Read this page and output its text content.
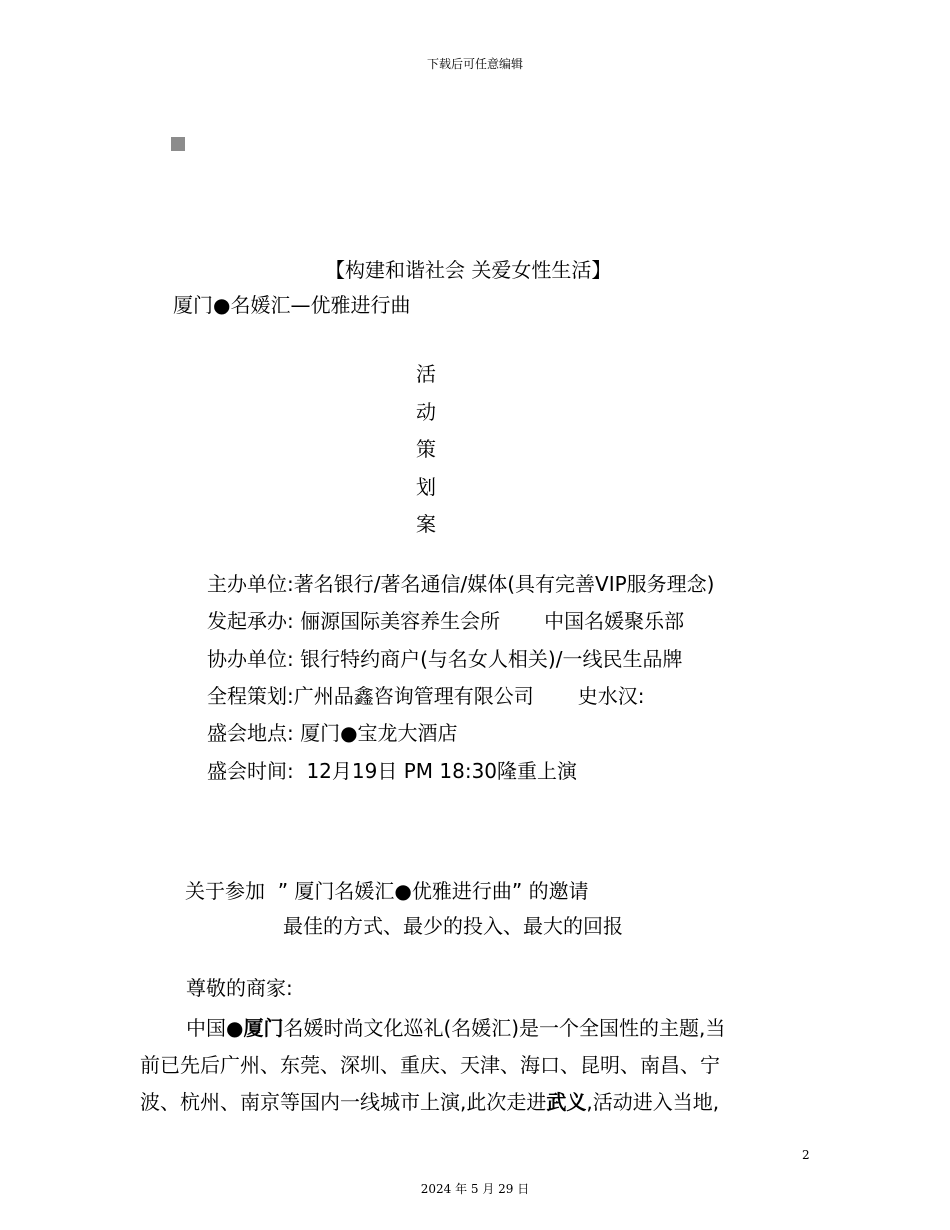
下载后可任意编辑
【构建和谐社会 关爱女性生活】
厦门●名媛汇—优雅进行曲
活动策划案
主办单位:著名银行/著名通信/媒体(具有完善VIP服务理念)
发起承办: 俪源国际美容养生会所 中国名媛聚乐部
协办单位: 银行特约商户(与名女人相关)/一线民生品牌
全程策划:广州品鑫咨询管理有限公司 史水汉:
盛会地点: 厦门●宝龙大酒店
盛会时间:  12月19日 PM 18:30隆重上演
关于参加  ” 厦门名媛汇●优雅进行曲” 的邀请
最佳的方式、最少的投入、最大的回报
尊敬的商家:
中国●厦门名媛时尚文化巡礼(名媛汇)是一个全国性的主题,当
前已先后广州、东莞、深圳、重庆、天津、海口、昆明、南昌、宁
波、杭州、南京等国内一线城市上演,此次走进武义,活动进入当地,
2
2024 年 5 月 29 日
